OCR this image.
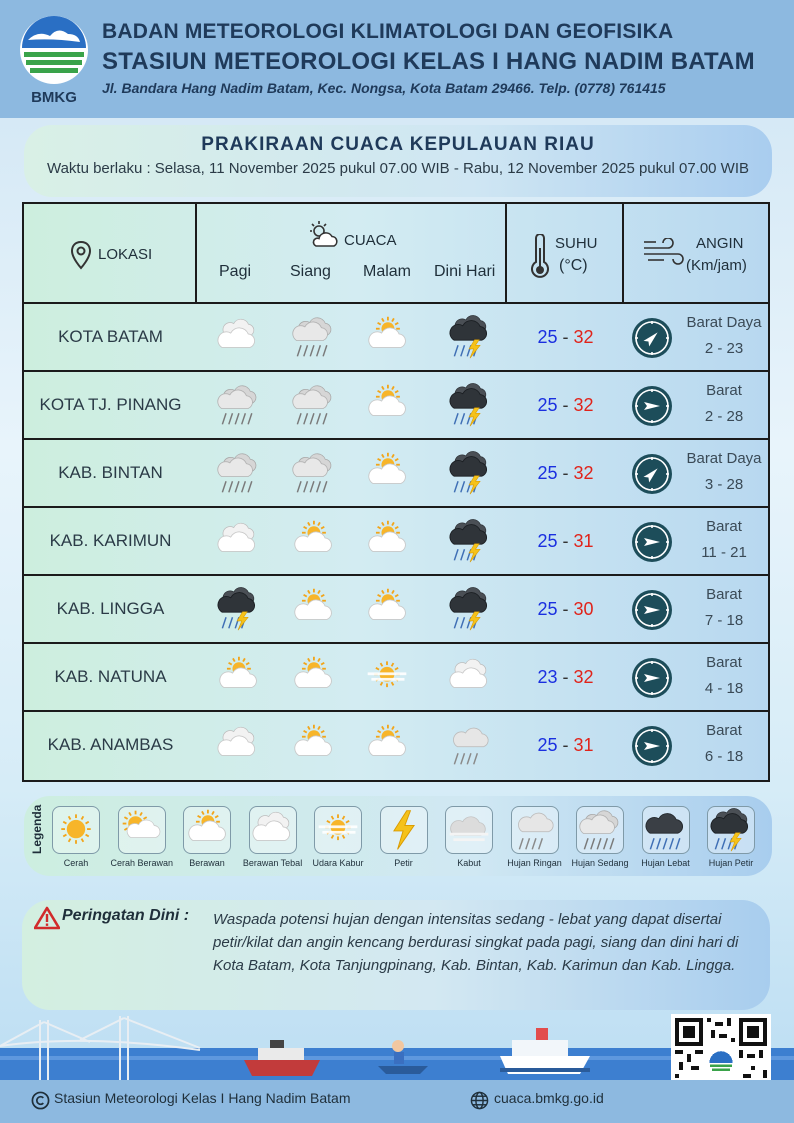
BMKG
BADAN METEOROLOGI KLIMATOLOGI DAN GEOFISIKA
STASIUN METEOROLOGI KELAS I HANG NADIM BATAM
Jl. Bandara Hang Nadim Batam, Kec. Nongsa, Kota Batam 29466. Telp. (0778) 761415
PRAKIRAAN CUACA KEPULAUAN RIAU
Waktu berlaku : Selasa, 11 November 2025 pukul 07.00 WIB - Rabu, 12 November 2025 pukul 07.00 WIB
LOKASI
CUACA
Pagi Siang Malam Dini Hari
SUHU
(°C)
ANGIN
(Km/jam)
KOTA BATAM	25 - 32
Barat Daya
2 - 23
KOTA TJ. PINANG	25 - 32
Barat
2 - 28
KAB. BINTAN	25 - 32
Barat Daya
3 - 28
KAB. KARIMUN	25 - 31
Barat
11 - 21
KAB. LINGGA	25 - 30
Barat
7 - 18
KAB. NATUNA	23 - 32
Barat
4 - 18
KAB. ANAMBAS	25 - 31
Barat
6 - 18
Legenda
Cerah	Cerah Berawan	Berawan	Berawan Tebal	Udara Kabur	Petir	Kabut	Hujan Ringan	Hujan Sedang	Hujan Lebat	Hujan Petir
Peringatan Dini : Waspada potensi hujan dengan intensitas sedang - lebat yang dapat disertai petir/kilat dan angin kencang berdurasi singkat pada pagi, siang dan dini hari di Kota Batam, Kota Tanjungpinang, Kab. Bintan, Kab. Karimun dan Kab. Lingga.
Stasiun Meteorologi Kelas I Hang Nadim Batam	cuaca.bmkg.go.id
